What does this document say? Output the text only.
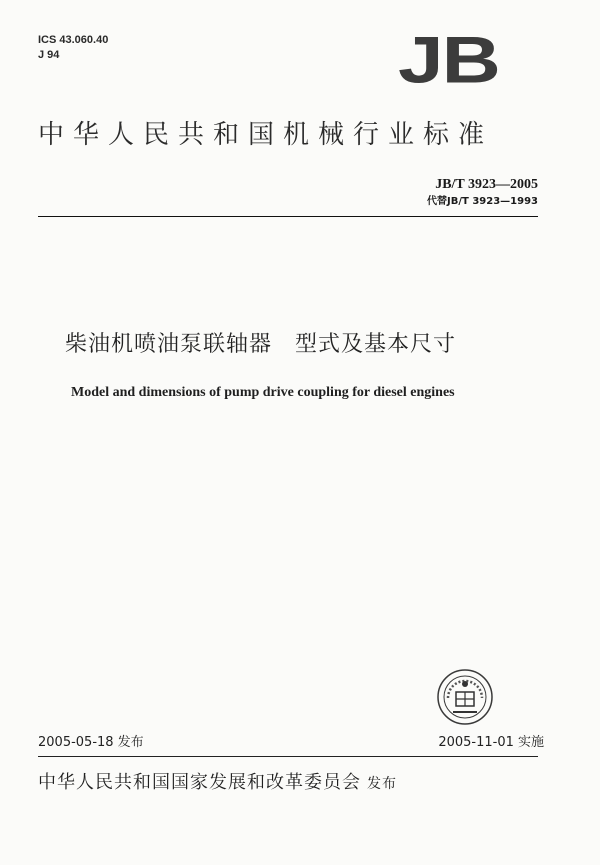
ICS 43.060.40
J 94	JB
中华人民共和国机械行业标准
JB/T 3923—2005
代替JB/T 3923—1993
柴油机喷油泵联轴器　型式及基本尺寸
Model and dimensions of pump drive coupling for diesel engines
2005-05-18 发布	2005-11-01 实施
中华人民共和国国家发展和改革委员会 发布
